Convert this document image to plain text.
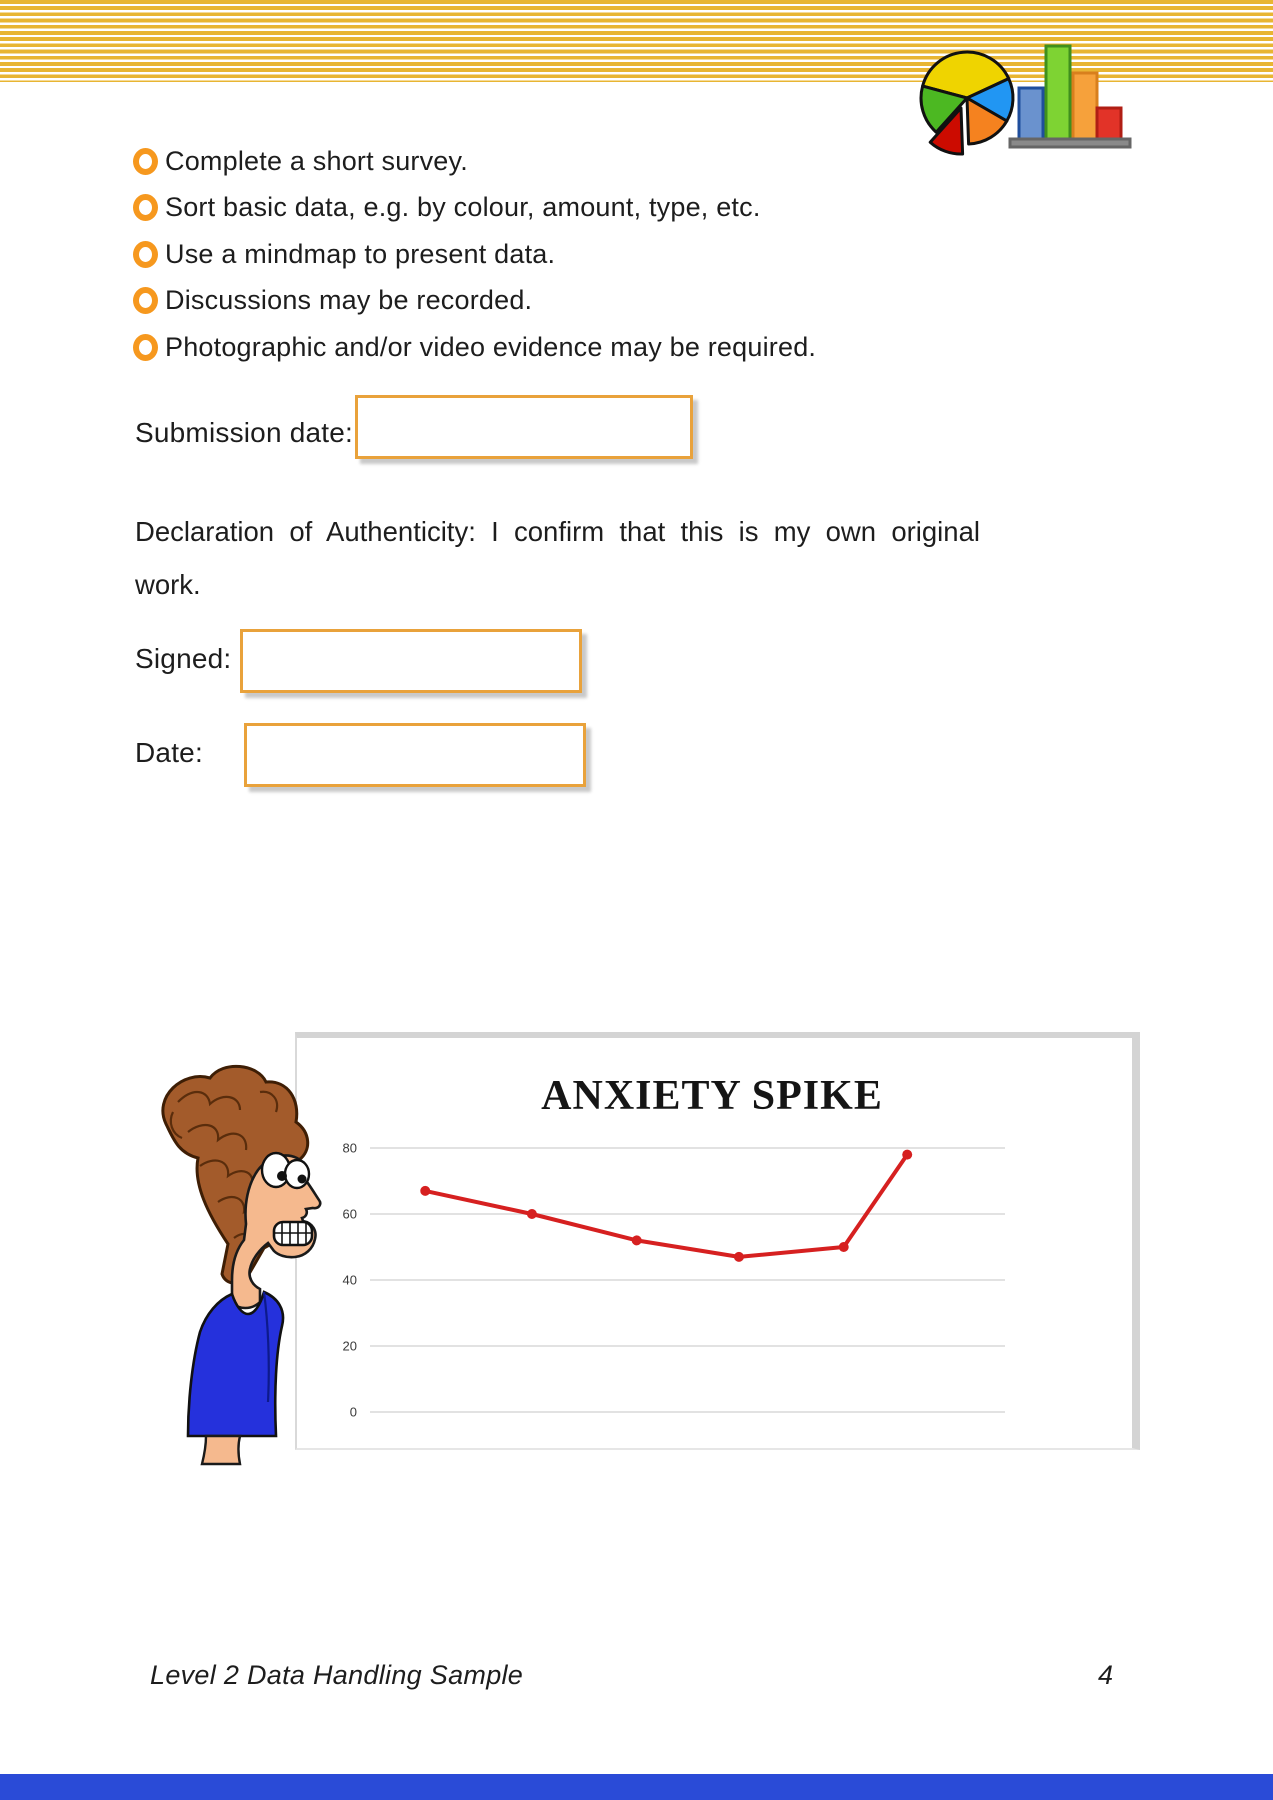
Complete a short survey.
Sort basic data, e.g. by colour, amount, type, etc.
Use a mindmap to present data.
Discussions may be recorded.
Photographic and/or video evidence may be required.
Submission date:
Declaration of Authenticity: I confirm that this is my own original
work.
Signed:
Date:
ANXIETY SPIKE
0
20
40
60
80
Level 2 Data Handling Sample	4
